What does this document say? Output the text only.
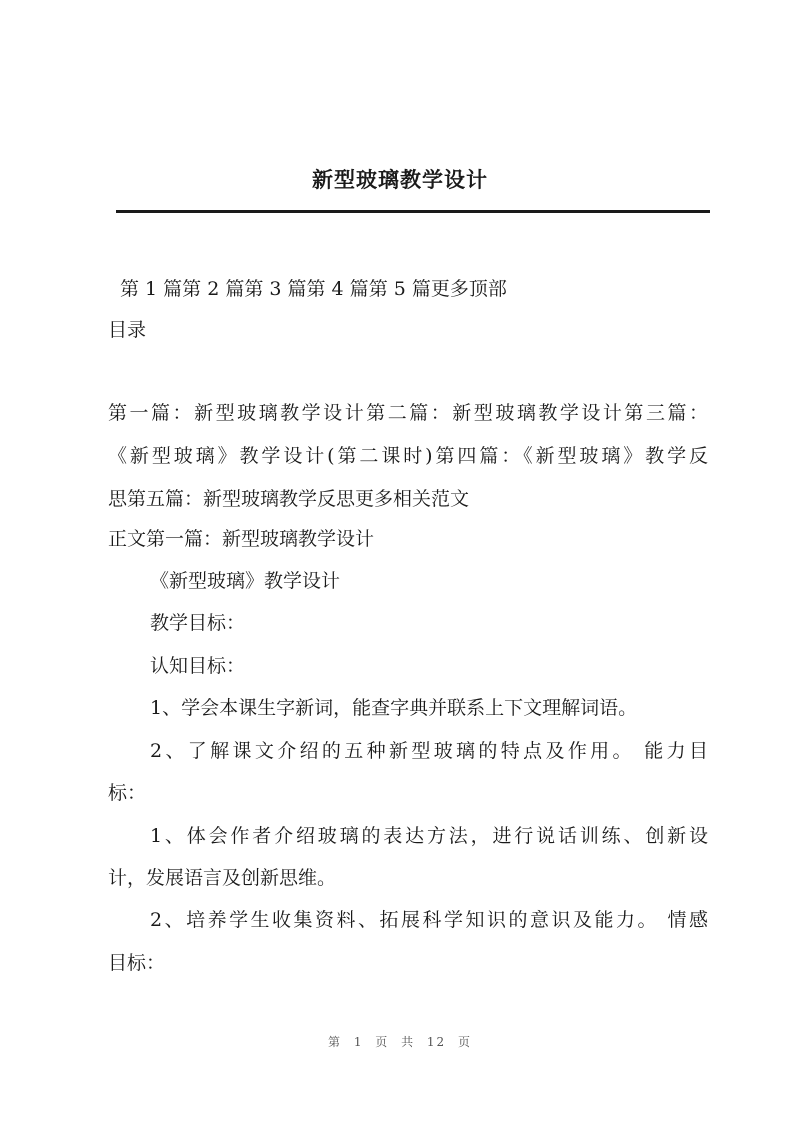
新型玻璃教学设计
第 1 篇第 2 篇第 3 篇第 4 篇第 5 篇更多顶部
目录
第一篇：新型玻璃教学设计第二篇：新型玻璃教学设计第三篇：
《新型玻璃》教学设计(第二课时)第四篇：《新型玻璃》教学反
思第五篇：新型玻璃教学反思更多相关范文
正文第一篇：新型玻璃教学设计
《新型玻璃》教学设计
教学目标：
认知目标：
1、学会本课生字新词，能查字典并联系上下文理解词语。
2、了解课文介绍的五种新型玻璃的特点及作用。 能力目
标：
1、体会作者介绍玻璃的表达方法，进行说话训练、创新设
计，发展语言及创新思维。
2、培养学生收集资料、拓展科学知识的意识及能力。 情感
目标：
第 1 页 共 12 页
